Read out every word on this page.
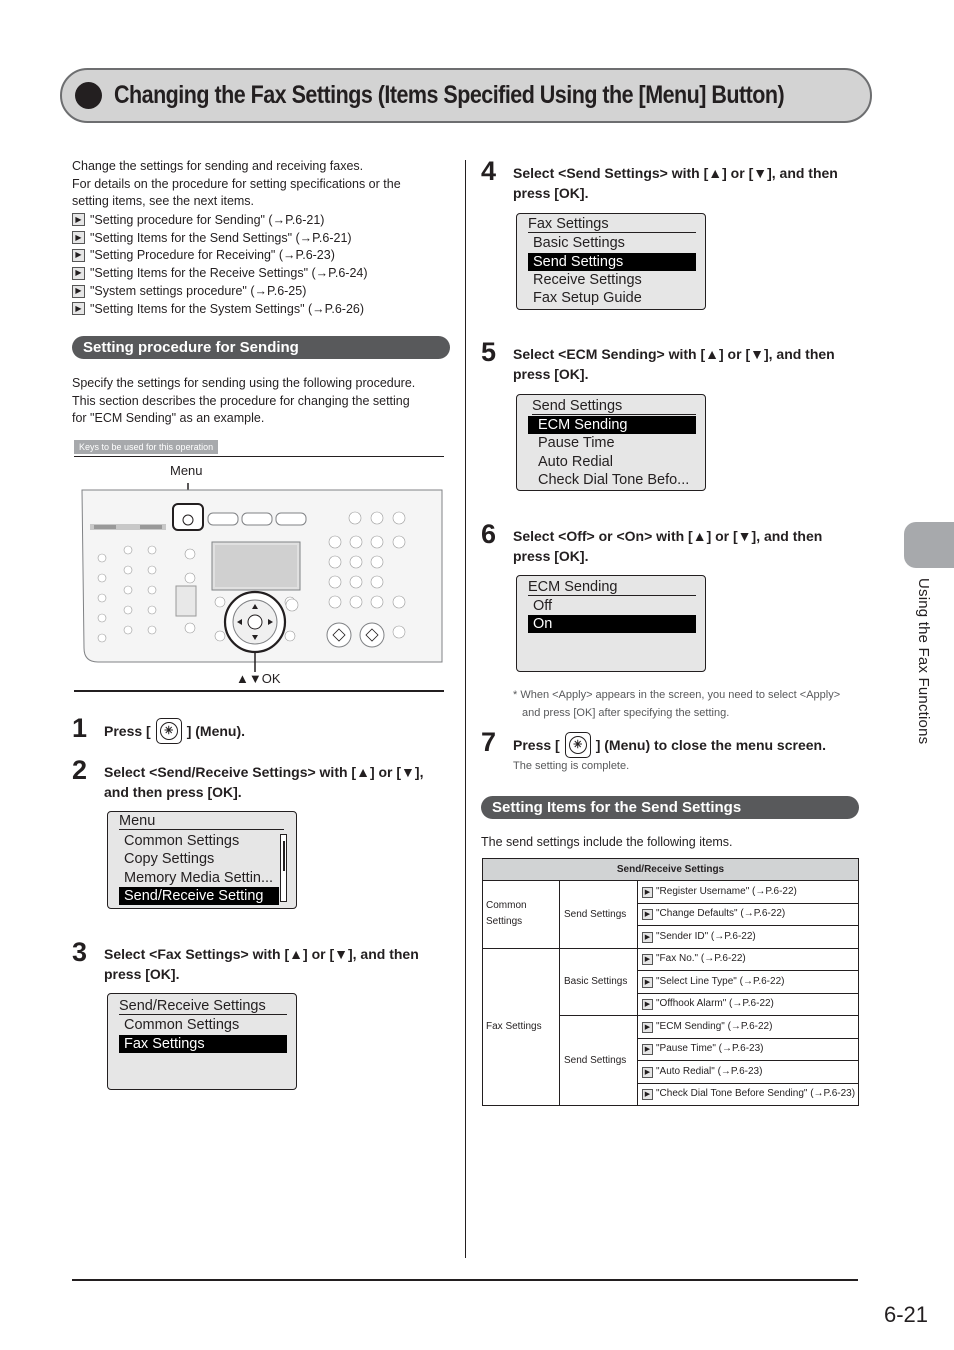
Changing the Fax Settings (Items Specified Using the [Menu] Button)
Change the settings for sending and receiving faxes.
For details on the procedure for setting specifications or the
setting items, see the next items.
▶ "Setting procedure for Sending" (→P.6-21)
▶ "Setting Items for the Send Settings" (→P.6-21)
▶ "Setting Procedure for Receiving" (→P.6-23)
▶ "Setting Items for the Receive Settings" (→P.6-24)
▶ "System settings procedure" (→P.6-25)
▶ "Setting Items for the System Settings" (→P.6-26)
Setting procedure for Sending
Specify the settings for sending using the following procedure.
This section describes the procedure for changing the setting
for "ECM Sending" as an example.
Keys to be used for this operation
Menu
▲▼OK
1 Press [	✳ ] (Menu).
2 Select <Send/Receive Settings> with [▲] or [▼],
and then press [OK].
Menu
Common Settings
Copy Settings
Memory Media Settin...
Send/Receive Setting
3 Select <Fax Settings> with [▲] or [▼], and then
press [OK].
Send/Receive Settings
Common Settings
Fax Settings
4 Select <Send Settings> with [▲] or [▼], and then
press [OK].
Fax Settings
Basic Settings
Send Settings
Receive Settings
Fax Setup Guide
5 Select <ECM Sending> with [▲] or [▼], and then
press [OK].
Send Settings
ECM Sending
Pause Time
Auto Redial
Check Dial Tone Befo...
6 Select <Off> or <On> with [▲] or [▼], and then
press [OK].
ECM Sending
Off
On
* When <Apply> appears in the screen, you need to select <Apply>
and press [OK] after specifying the setting.
7 Press [	✳ ] (Menu) to close the menu screen.
The setting is complete.
Setting Items for the Send Settings
The send settings include the following items.
Send/Receive Settings		
Common Settings	Send Settings	▶ "Register Username" (→P.6-22)
		▶ "Change Defaults" (→P.6-22)
		▶ "Sender ID" (→P.6-22)
Fax Settings	Basic Settings	▶ "Fax No." (→P.6-22)
		▶ "Select Line Type" (→P.6-22)
		▶ "Offhook Alarm" (→P.6-22)
	Send Settings	▶ "ECM Sending" (→P.6-22)
		▶ "Pause Time" (→P.6-23)
		▶ "Auto Redial" (→P.6-23)
		▶ "Check Dial Tone Before Sending" (→P.6-23)
Using the Fax Functions
6-21
